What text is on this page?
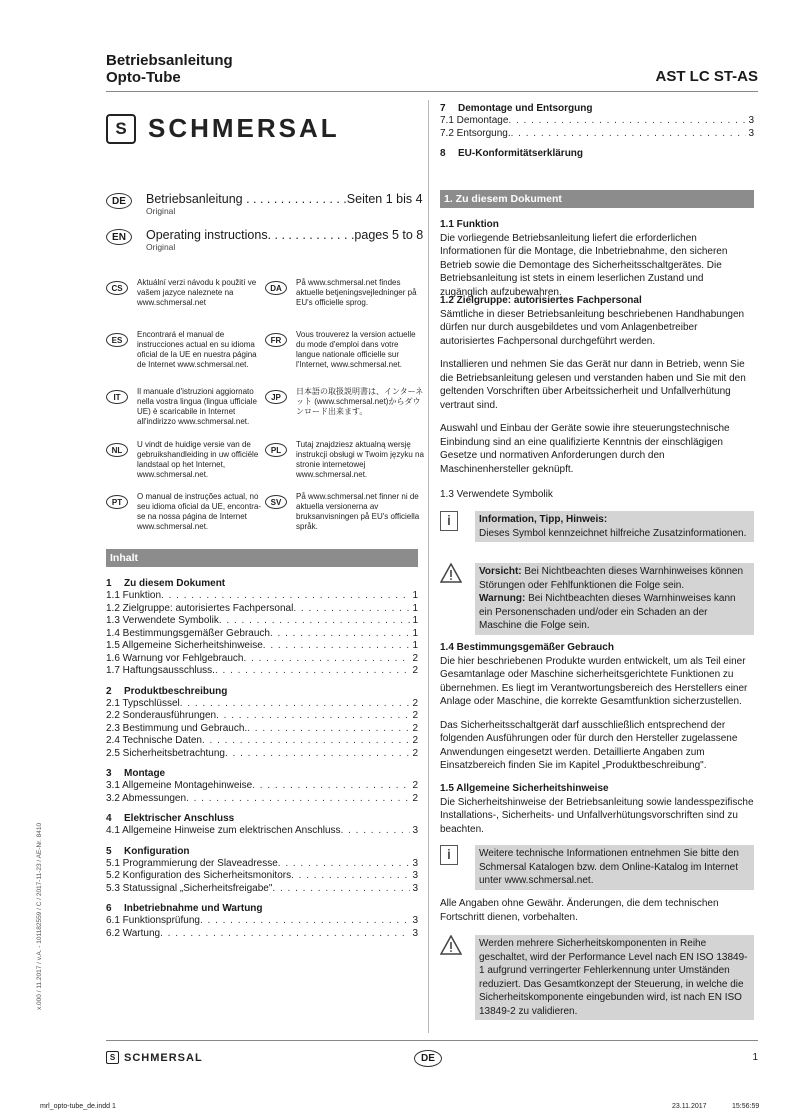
Betriebsanleitung
Opto-Tube	AST LC ST-AS
S SCHMERSAL
DE	Betriebsanleitung . . . . . . . . . . . . . . .Seiten 1 bis 4
Original
EN	Operating instructions. . . . . . . . . . . . .pages 5 to 8
Original
CS
Aktuální verzi návodu k použití ve vašem jazyce naleznete na www.schmersal.net
DA
På www.schmersal.net findes aktuelle betjeningsvejledninger på EU's officielle sprog.
ES
Encontrará el manual de instrucciones actual en su idioma oficial de la UE en nuestra página de Internet www.schmersal.net.
FR
Vous trouverez la version actuelle du mode d'emploi dans votre langue nationale officielle sur l'Internet, www.schmersal.net.
IT
Il manuale d'istruzioni aggiornato nella vostra lingua (lingua ufficiale UE) è scaricabile in Internet all'indirizzo www.schmersal.net.
JP
日本語の取扱説明書は、インターネット (www.schmersal.net)からダウンロード出来ます。
NL
U vindt de huidige versie van de gebruikshandleiding in uw officiële landstaal op het Internet, www.schmersal.net.
PL
Tutaj znajdziesz aktualną wersję instrukcji obsługi w Twoim języku na stronie internetowej www.schmersal.net.
PT
O manual de instruções actual, no seu idioma oficial da UE, encontra-se na nossa página de Internet www.schmersal.net.
SV
På www.schmersal.net finner ni de aktuella versionerna av bruksanvisningen på EU's officiella språk.
Inhalt
1 Zu diesem Dokument
1.1 Funktion . . .	1
1.2 Zielgruppe: autorisiertes Fachpersonal . . .	1
1.3 Verwendete Symbolik . . .	1
1.4 Bestimmungsgemäßer Gebrauch . . .	1
1.5 Allgemeine Sicherheitshinweise . . .	1
1.6 Warnung vor Fehlgebrauch . . .	2
1.7 Haftungsausschluss. . . .	2
2 Produktbeschreibung
2.1 Typschlüssel . . .	2
2.2 Sonderausführungen . . .	2
2.3 Bestimmung und Gebrauch. . . .	2
2.4 Technische Daten . . .	2
2.5 Sicherheitsbetrachtung . . .	2
3 Montage
3.1 Allgemeine Montagehinweise . . .	2
3.2 Abmessungen . . .	2
4 Elektrischer Anschluss
4.1 Allgemeine Hinweise zum elektrischen Anschluss . . .	3
5 Konfiguration
5.1 Programmierung der Slaveadresse . . .	3
5.2 Konfiguration des Sicherheitsmonitors . . .	3
5.3 Statussignal „Sicherheitsfreigabe" . . .	3
6 Inbetriebnahme und Wartung
6.1 Funktionsprüfung . . .	3
6.2 Wartung . . .	3
7 Demontage und Entsorgung
7.1 Demontage . . .	3
7.2 Entsorgung. . . .	3
8 EU-Konformitätserklärung
1. Zu diesem Dokument
1.1 Funktion

Die vorliegende Betriebsanleitung liefert die erforderlichen Informationen für die Montage, die Inbetriebnahme, den sicheren Betrieb sowie die Demontage des Sicherheitsschaltgerätes. Die Betriebsanleitung ist stets in einem leserlichen Zustand und zugänglich aufzubewahren.

1.2 Zielgruppe: autorisiertes Fachpersonal

Sämtliche in dieser Betriebsanleitung beschriebenen Handhabungen dürfen nur durch ausgebildetes und vom Anlagenbetreiber autorisiertes Fachpersonal durchgeführt werden.

Installieren und nehmen Sie das Gerät nur dann in Betrieb, wenn Sie die Betriebsanleitung gelesen und verstanden haben und Sie mit den geltenden Vorschriften über Arbeitssicherheit und Unfallverhütung vertraut sind.

Auswahl und Einbau der Geräte sowie ihre steuerungstechnische Einbindung sind an eine qualifizierte Kenntnis der einschlägigen Gesetze und normativen Anforderungen durch den Maschinenhersteller geknüpft.

1.3 Verwendete Symbolik
i	Information, Tipp, Hinweis:
Dieses Symbol kennzeichnet hilfreiche Zusatzinformationen.
Vorsicht: Bei Nichtbeachten dieses Warnhinweises können Störungen oder Fehlfunktionen die Folge sein.
Warnung: Bei Nichtbeachten dieses Warnhinweises kann ein Personenschaden und/oder ein Schaden an der Maschine die Folge sein.
1.4 Bestimmungsgemäßer Gebrauch

Die hier beschriebenen Produkte wurden entwickelt, um als Teil einer Gesamtanlage oder Maschine sicherheitsgerichtete Funktionen zu übernehmen. Es liegt im Verantwortungsbereich des Herstellers einer Anlage oder Maschine, die korrekte Gesamtfunktion sicherzustellen.

Das Sicherheitsschaltgerät darf ausschließlich entsprechend der folgenden Ausführungen oder für durch den Hersteller zugelassene Anwendungen eingesetzt werden. Detaillierte Angaben zum Einsatzbereich finden Sie im Kapitel „Produktbeschreibung".

1.5 Allgemeine Sicherheitshinweise

Die Sicherheitshinweise der Betriebsanleitung sowie landesspezifische Installations-, Sicherheits- und Unfallverhütungsvorschriften sind zu beachten.

i	Weitere technische Informationen entnehmen Sie bitte den Schmersal Katalogen bzw. dem Online-Katalog im Internet unter www.schmersal.net.
Alle Angaben ohne Gewähr. Änderungen, die dem technischen Fortschritt dienen, vorbehalten.
Werden mehrere Sicherheitskomponenten in Reihe geschaltet, wird der Performance Level nach EN ISO 13849-1 aufgrund verringerter Fehlerkennung unter Umständen reduziert. Das Gesamtkonzept der Steuerung, in welche die Sicherheitskomponente eingebunden wird, ist nach EN ISO 13849-2 zu validieren.
x.000 / 11.2017 / v.A. - 101182559 / C / 2017-11-23 / AE-Nr. 8410
S SCHMERSAL	DE	1
mrl_opto-tube_de.indd 1	23.11.2017	15:56:59
